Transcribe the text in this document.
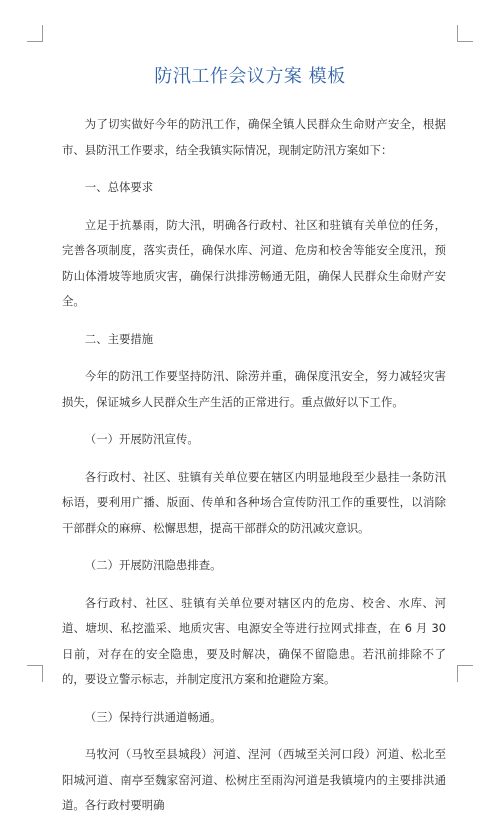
防汛工作会议方案 模板

为了切实做好今年的防汛工作，确保全镇人民群众生命财产安全，根据市、县防汛工作要求，结全我镇实际情况，现制定防汛方案如下：

一、总体要求

立足于抗暴雨，防大汛，明确各行政村、社区和驻镇有关单位的任务，完善各项制度，落实责任，确保水库、河道、危房和校舍等能安全度汛，预防山体滑坡等地质灾害，确保行洪排涝畅通无阻，确保人民群众生命财产安全。

二、主要措施

今年的防汛工作要坚持防汛、除涝并重，确保度汛安全，努力减轻灾害损失，保证城乡人民群众生产生活的正常进行。重点做好以下工作。

（一）开展防汛宣传。

各行政村、社区、驻镇有关单位要在辖区内明显地段至少悬挂一条防汛标语，要利用广播、版面、传单和各种场合宣传防汛工作的重要性，以消除干部群众的麻痹、松懈思想，提高干部群众的防汛减灾意识。

（二）开展防汛隐患排查。

各行政村、社区、驻镇有关单位要对辖区内的危房、校舍、水库、河道、塘坝、私挖滥采、地质灾害、电源安全等进行拉网式排查，在 6 月 30 日前，对存在的安全隐患，要及时解决，确保不留隐患。若汛前排除不了的，要设立警示标志，并制定度汛方案和抢避险方案。

（三）保持行洪通道畅通。

马牧河（马牧至县城段）河道、涅河（西城至关河口段）河道、松北至阳城河道、南亭至魏家窑河道、松树庄至雨沟河道是我镇境内的主要排洪通道。各行政村要明确
